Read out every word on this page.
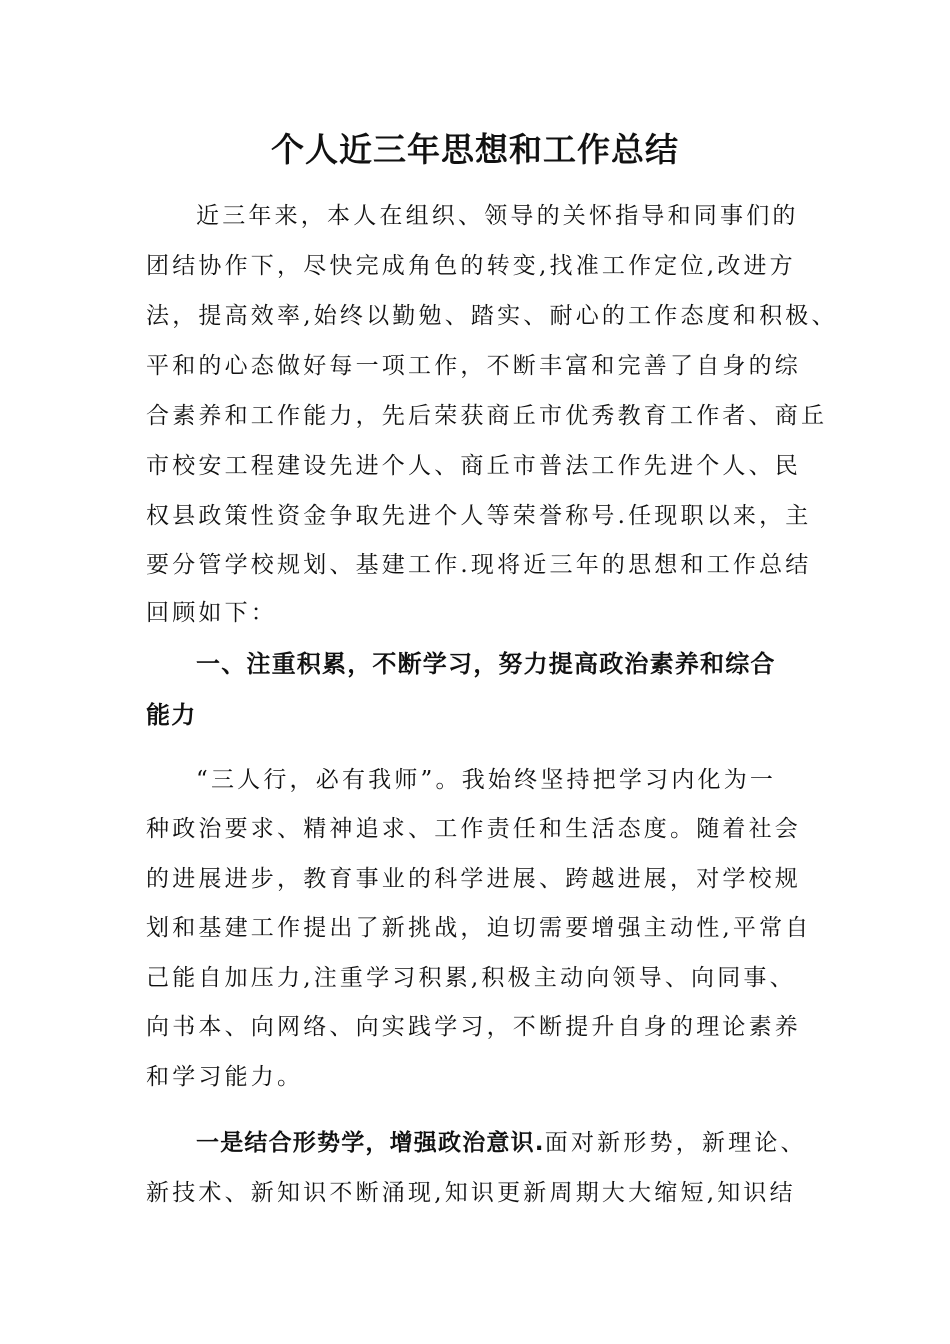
个人近三年思想和工作总结
近三年来，本人在组织、领导的关怀指导和同事们的
团结协作下，尽快完成角色的转变,找准工作定位,改进方
法，提高效率,始终以勤勉、踏实、耐心的工作态度和积极、
平和的心态做好每一项工作，不断丰富和完善了自身的综
合素养和工作能力，先后荣获商丘市优秀教育工作者、商丘
市校安工程建设先进个人、商丘市普法工作先进个人、民
权县政策性资金争取先进个人等荣誉称号.任现职以来，主
要分管学校规划、基建工作.现将近三年的思想和工作总结
回顾如下：
一、注重积累，不断学习，努力提高政治素养和综合
能力
“三人行，必有我师”。我始终坚持把学习内化为一
种政治要求、精神追求、工作责任和生活态度。随着社会
的进展进步，教育事业的科学进展、跨越进展，对学校规
划和基建工作提出了新挑战，迫切需要增强主动性,平常自
己能自加压力,注重学习积累,积极主动向领导、向同事、
向书本、向网络、向实践学习，不断提升自身的理论素养
和学习能力。
一是结合形势学，增强政治意识.面对新形势，新理论、
新技术、新知识不断涌现,知识更新周期大大缩短,知识结
